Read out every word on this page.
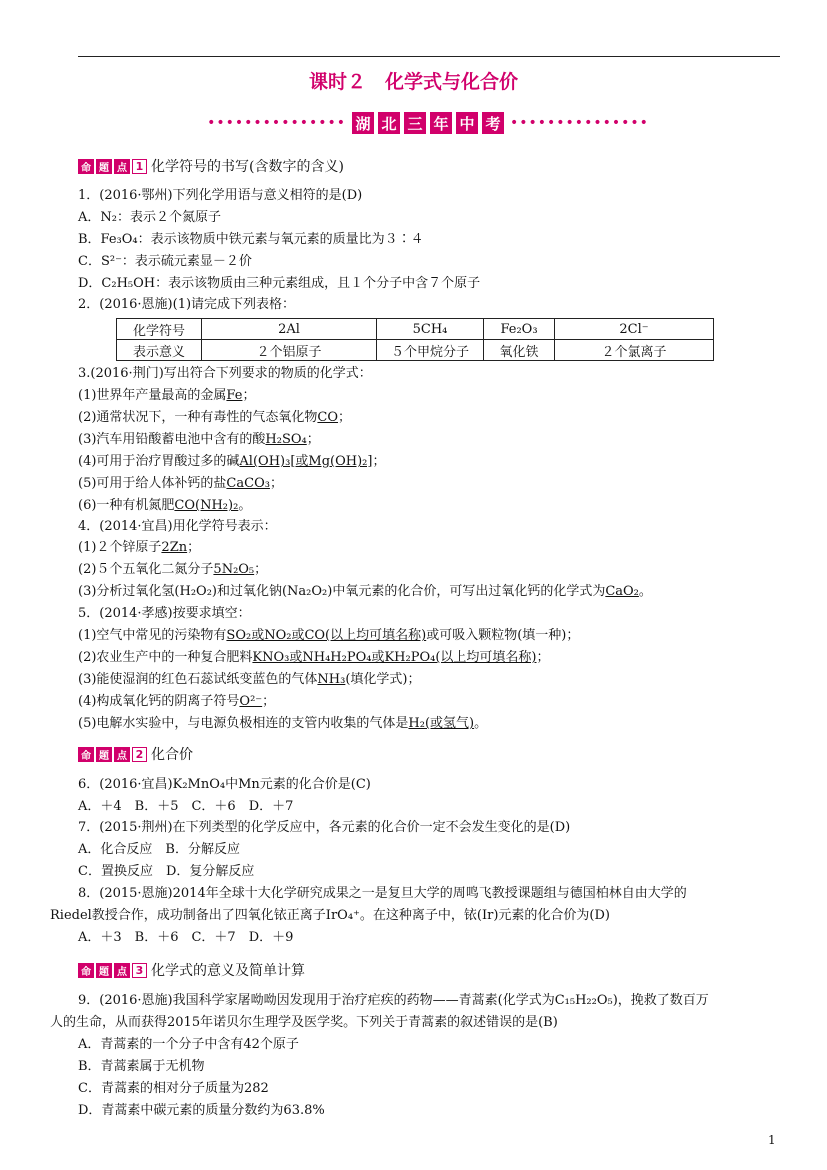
课时２　化学式与化合价
••••••••••••••• 湖 北 三 年 中 考 •••••••••••••••
命 题 点 1 化学符号的书写(含数字的含义)
1．(2016·鄂州)下列化学用语与意义相符的是(D)
A．N₂：表示２个氮原子
B．Fe₃O₄：表示该物质中铁元素与氧元素的质量比为３∶４
C．S²⁻：表示硫元素显－２价
D．C₂H₅OH：表示该物质由三种元素组成，且１个分子中含７个原子
2．(2016·恩施)(1)请完成下列表格：
化学符号	2Al	5CH₄	Fe₂O₃	2Cl⁻
表示意义	２个铝原子	５个甲烷分子	氧化铁	２个氯离子
3.(2016·荆门)写出符合下列要求的物质的化学式：
(1)世界年产量最高的金属Fe；
(2)通常状况下，一种有毒性的气态氧化物CO；
(3)汽车用铅酸蓄电池中含有的酸H₂SO₄；
(4)可用于治疗胃酸过多的碱Al(OH)₃[或Mg(OH)₂]；
(5)可用于给人体补钙的盐CaCO₃；
(6)一种有机氮肥CO(NH₂)₂。
4．(2014·宜昌)用化学符号表示：
(1)２个锌原子2Zn；
(2)５个五氧化二氮分子5N₂O₅；
(3)分析过氧化氢(H₂O₂)和过氧化钠(Na₂O₂)中氧元素的化合价，可写出过氧化钙的化学式为CaO₂。
5．(2014·孝感)按要求填空：
(1)空气中常见的污染物有SO₂或NO₂或CO(以上均可填名称)或可吸入颗粒物(填一种)；
(2)农业生产中的一种复合肥料KNO₃或NH₄H₂PO₄或KH₂PO₄(以上均可填名称)；
(3)能使湿润的红色石蕊试纸变蓝色的气体NH₃(填化学式)；
(4)构成氧化钙的阴离子符号O²⁻；
(5)电解水实验中，与电源负极相连的支管内收集的气体是H₂(或氢气)。
命 题 点 2 化合价
6．(2016·宜昌)K₂MnO₄中Mn元素的化合价是(C)
A．＋4　B．＋5　C．＋6　D．＋7
7．(2015·荆州)在下列类型的化学反应中，各元素的化合价一定不会发生变化的是(D)
A．化合反应　B．分解反应
C．置换反应　D．复分解反应
8．(2015·恩施)2014年全球十大化学研究成果之一是复旦大学的周鸣飞教授课题组与德国柏林自由大学的
Riedel教授合作，成功制备出了四氧化铱正离子IrO₄⁺。在这种离子中，铱(Ir)元素的化合价为(D)
A．＋3　B．＋6　C．＋7　D．＋9
命 题 点 3 化学式的意义及简单计算
9．(2016·恩施)我国科学家屠呦呦因发现用于治疗疟疾的药物——青蒿素(化学式为C₁₅H₂₂O₅)，挽救了数百万
人的生命，从而获得2015年诺贝尔生理学及医学奖。下列关于青蒿素的叙述错误的是(B)
A．青蒿素的一个分子中含有42个原子
B．青蒿素属于无机物
C．青蒿素的相对分子质量为282
D．青蒿素中碳元素的质量分数约为63.8%
1
